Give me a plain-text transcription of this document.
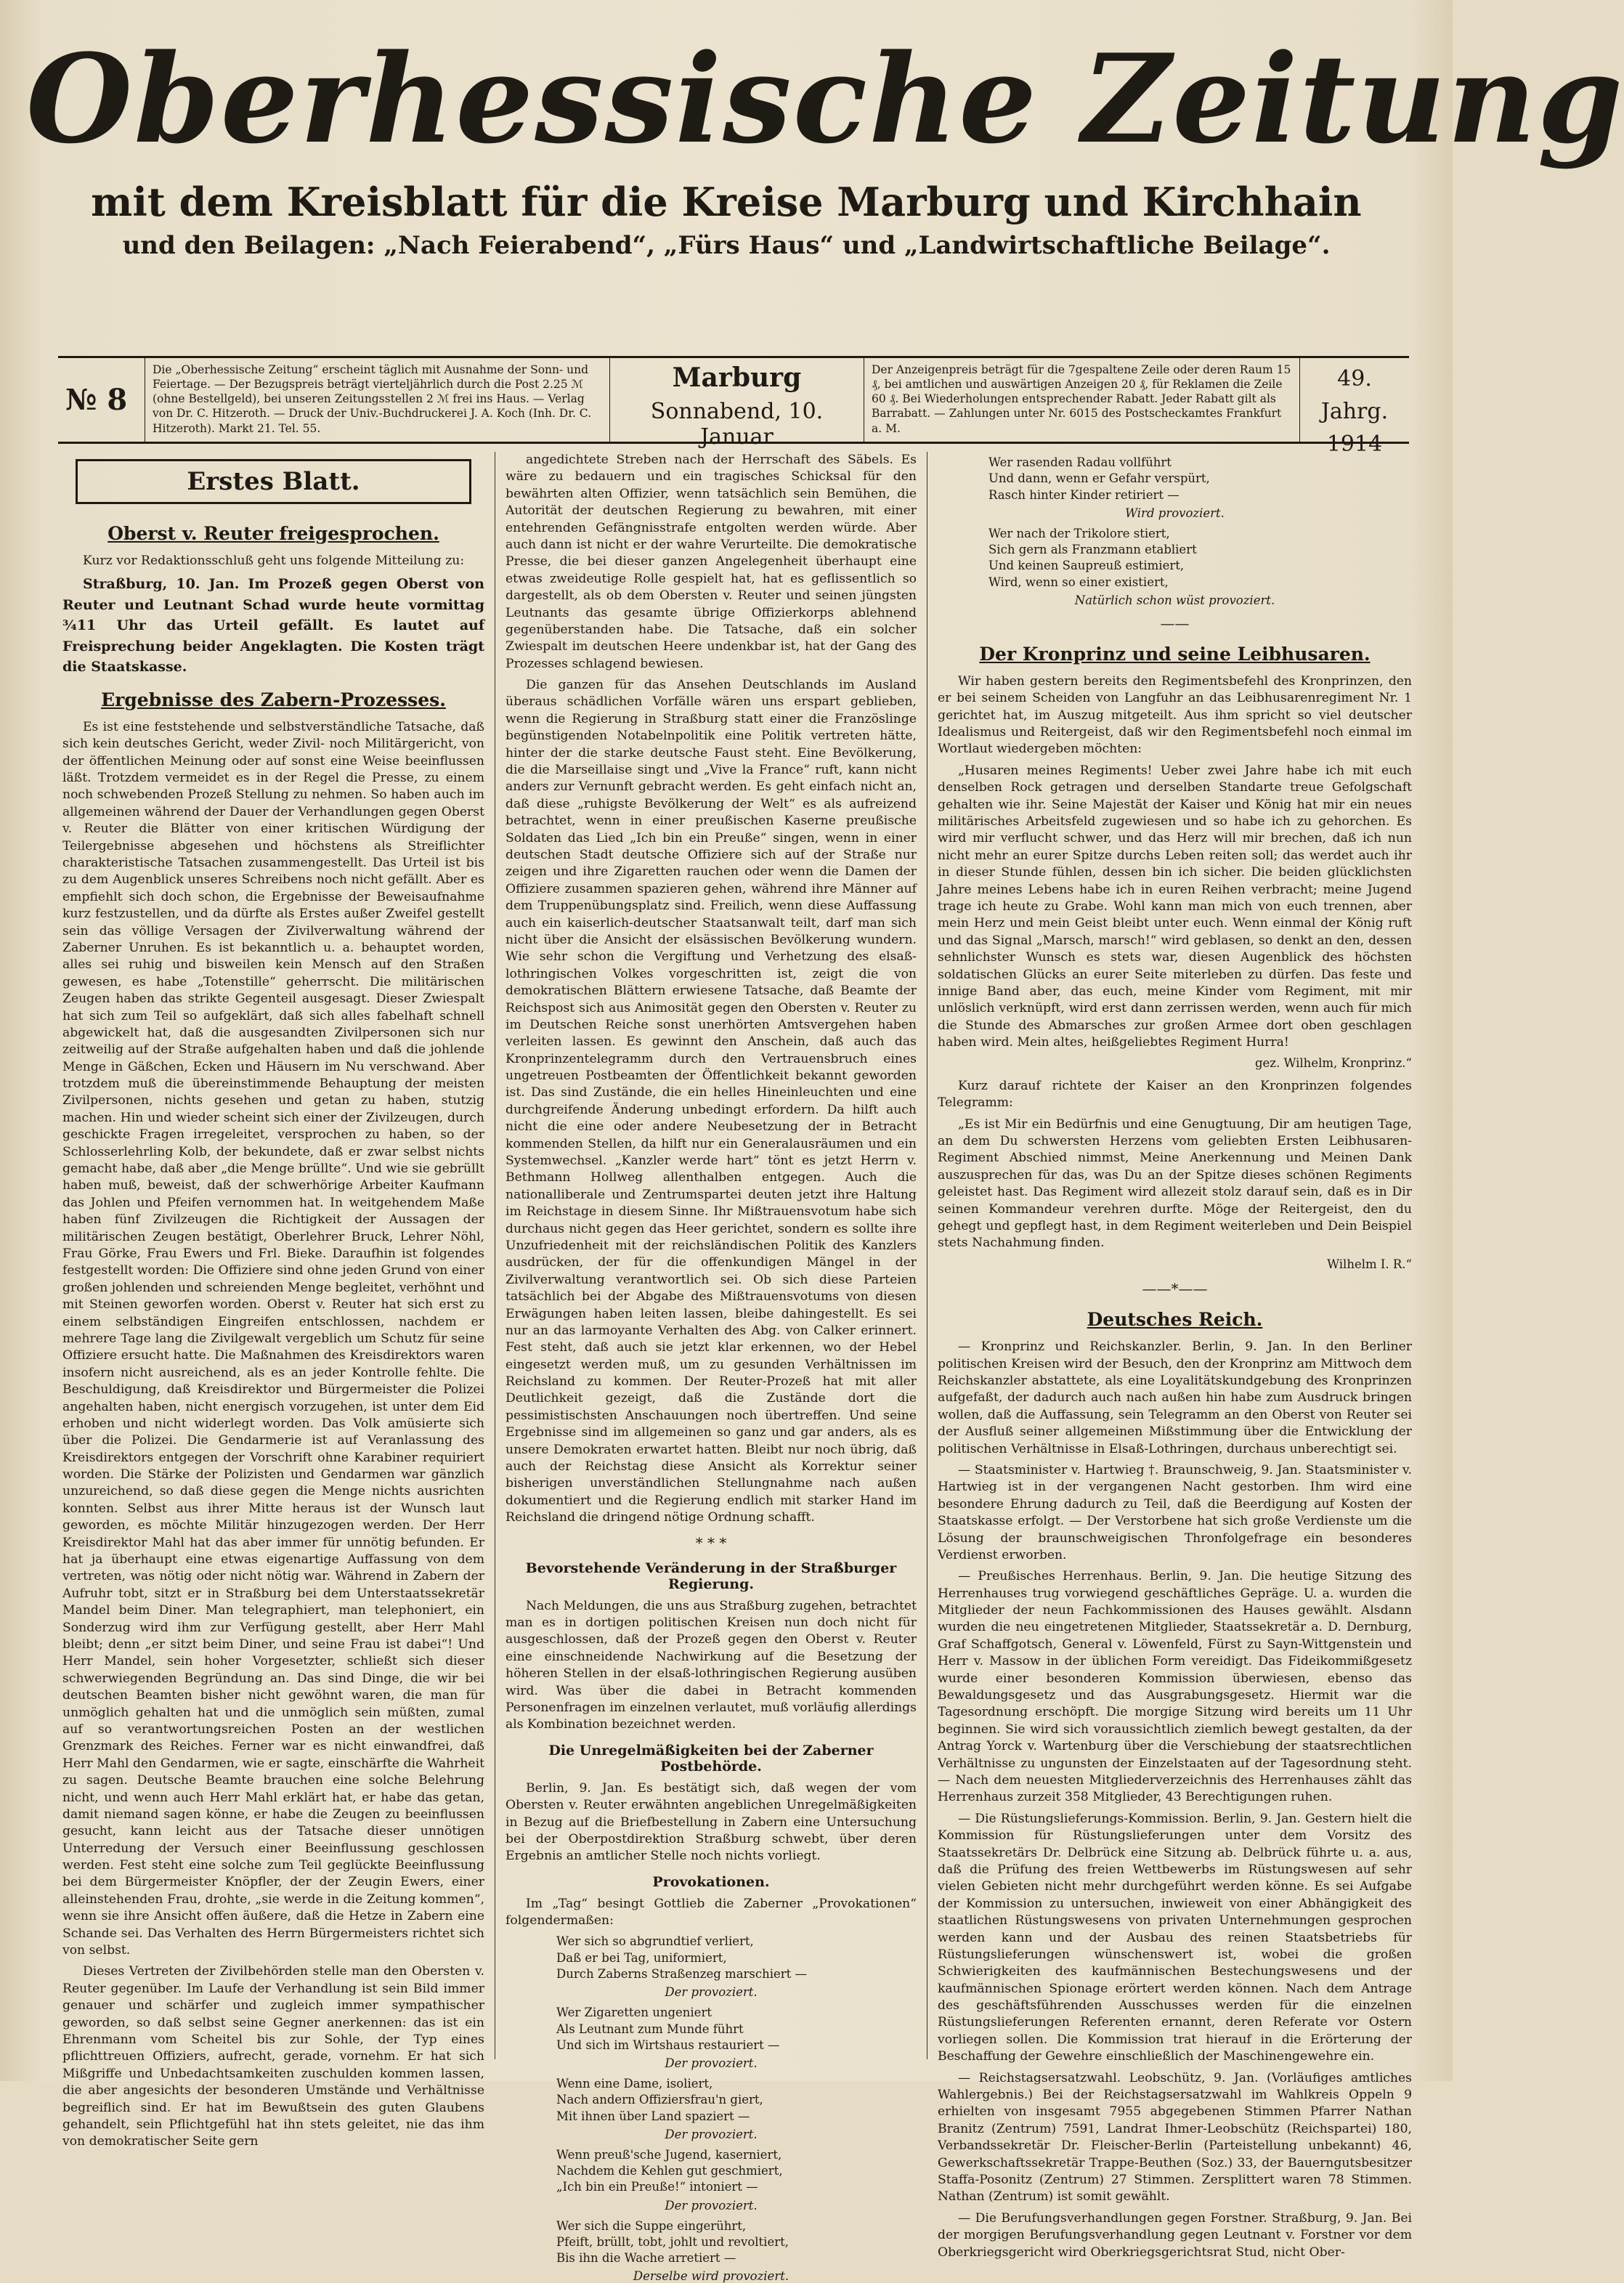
Oberhessische Zeitung
mit dem Kreisblatt für die Kreise Marburg und Kirchhain
und den Beilagen: „Nach Feierabend“, „Fürs Haus“ und „Landwirtschaftliche Beilage“.
№ 8
Die „Oberhessische Zeitung“ erscheint täglich mit Ausnahme der Sonn- und Feiertage. — Der Bezugspreis beträgt vierteljährlich durch die Post 2.25 ℳ (ohne Bestellgeld), bei unseren Zeitungsstellen 2 ℳ frei ins Haus. — Verlag von Dr. C. Hitzeroth. — Druck der Univ.-Buchdruckerei J. A. Koch (Inh. Dr. C. Hitzeroth). Markt 21. Tel. 55.
Marburg
Sonnabend, 10. Januar
Der Anzeigenpreis beträgt für die 7gespaltene Zeile oder deren Raum 15 ₰, bei amtlichen und auswärtigen Anzeigen 20 ₰, für Reklamen die Zeile 60 ₰. Bei Wiederholungen entsprechender Rabatt. Jeder Rabatt gilt als Barrabatt. — Zahlungen unter Nr. 6015 des Postscheckamtes Frankfurt a. M.
49. Jahrg.
1914
Erstes Blatt.
Oberst v. Reuter freigesprochen.

Kurz vor Redaktionsschluß geht uns folgende Mitteilung zu:

Straßburg, 10. Jan. Im Prozeß gegen Oberst von Reuter und Leutnant Schad wurde heute vormittag ¾11 Uhr das Urteil gefällt. Es lautet auf Freisprechung beider Angeklagten. Die Kosten trägt die Staatskasse.

Ergebnisse des Zabern-Prozesses.

Es ist eine feststehende und selbstverständliche Tatsache, daß sich kein deutsches Gericht, weder Zivil- noch Militärgericht, von der öffentlichen Meinung oder auf sonst eine Weise beeinflussen läßt. Trotzdem vermeidet es in der Regel die Presse, zu einem noch schwebenden Prozeß Stellung zu nehmen. So haben auch im allgemeinen während der Dauer der Verhandlungen gegen Oberst v. Reuter die Blätter von einer kritischen Würdigung der Teilergebnisse abgesehen und höchstens als Streiflichter charakteristische Tatsachen zusammengestellt. Das Urteil ist bis zu dem Augenblick unseres Schreibens noch nicht gefällt. Aber es empfiehlt sich doch schon, die Ergebnisse der Beweisaufnahme kurz festzustellen, und da dürfte als Erstes außer Zweifel gestellt sein das völlige Versagen der Zivilverwaltung während der Zaberner Unruhen. Es ist bekanntlich u. a. behauptet worden, alles sei ruhig und bisweilen kein Mensch auf den Straßen gewesen, es habe „Totenstille“ geherrscht. Die militärischen Zeugen haben das strikte Gegenteil ausgesagt. Dieser Zwiespalt hat sich zum Teil so aufgeklärt, daß sich alles fabelhaft schnell abgewickelt hat, daß die ausgesandten Zivilpersonen sich nur zeitweilig auf der Straße aufgehalten haben und daß die johlende Menge in Gäßchen, Ecken und Häusern im Nu verschwand. Aber trotzdem muß die übereinstimmende Behauptung der meisten Zivilpersonen, nichts gesehen und getan zu haben, stutzig machen. Hin und wieder scheint sich einer der Zivilzeugen, durch geschickte Fragen irregeleitet, versprochen zu haben, so der Schlosserlehrling Kolb, der bekundete, daß er zwar selbst nichts gemacht habe, daß aber „die Menge brüllte“. Und wie sie gebrüllt haben muß, beweist, daß der schwerhörige Arbeiter Kaufmann das Johlen und Pfeifen vernommen hat. In weitgehendem Maße haben fünf Zivilzeugen die Richtigkeit der Aussagen der militärischen Zeugen bestätigt, Oberlehrer Bruck, Lehrer Nöhl, Frau Görke, Frau Ewers und Frl. Bieke. Daraufhin ist folgendes festgestellt worden: Die Offiziere sind ohne jeden Grund von einer großen johlenden und schreienden Menge begleitet, verhöhnt und mit Steinen geworfen worden. Oberst v. Reuter hat sich erst zu einem selbständigen Eingreifen entschlossen, nachdem er mehrere Tage lang die Zivilgewalt vergeblich um Schutz für seine Offiziere ersucht hatte. Die Maßnahmen des Kreisdirektors waren insofern nicht ausreichend, als es an jeder Kontrolle fehlte. Die Beschuldigung, daß Kreisdirektor und Bürgermeister die Polizei angehalten haben, nicht energisch vorzugehen, ist unter dem Eid erhoben und nicht widerlegt worden. Das Volk amüsierte sich über die Polizei. Die Gendarmerie ist auf Veranlassung des Kreisdirektors entgegen der Vorschrift ohne Karabiner requiriert worden. Die Stärke der Polizisten und Gendarmen war gänzlich unzureichend, so daß diese gegen die Menge nichts ausrichten konnten. Selbst aus ihrer Mitte heraus ist der Wunsch laut geworden, es möchte Militär hinzugezogen werden. Der Herr Kreisdirektor Mahl hat das aber immer für unnötig befunden. Er hat ja überhaupt eine etwas eigenartige Auffassung von dem vertreten, was nötig oder nicht nötig war. Während in Zabern der Aufruhr tobt, sitzt er in Straßburg bei dem Unterstaatssekretär Mandel beim Diner. Man telegraphiert, man telephoniert, ein Sonderzug wird ihm zur Verfügung gestellt, aber Herr Mahl bleibt; denn „er sitzt beim Diner, und seine Frau ist dabei“! Und Herr Mandel, sein hoher Vorgesetzter, schließt sich dieser schwerwiegenden Begründung an. Das sind Dinge, die wir bei deutschen Beamten bisher nicht gewöhnt waren, die man für unmöglich gehalten hat und die unmöglich sein müßten, zumal auf so verantwortungsreichen Posten an der westlichen Grenzmark des Reiches. Ferner war es nicht einwandfrei, daß Herr Mahl den Gendarmen, wie er sagte, einschärfte die Wahrheit zu sagen. Deutsche Beamte brauchen eine solche Belehrung nicht, und wenn auch Herr Mahl erklärt hat, er habe das getan, damit niemand sagen könne, er habe die Zeugen zu beeinflussen gesucht, kann leicht aus der Tatsache dieser unnötigen Unterredung der Versuch einer Beeinflussung geschlossen werden. Fest steht eine solche zum Teil geglückte Beeinflussung bei dem Bürgermeister Knöpfler, der der Zeugin Ewers, einer alleinstehenden Frau, drohte, „sie werde in die Zeitung kommen“, wenn sie ihre Ansicht offen äußere, daß die Hetze in Zabern eine Schande sei. Das Verhalten des Herrn Bürgermeisters richtet sich von selbst.

Dieses Vertreten der Zivilbehörden stelle man den Obersten v. Reuter gegenüber. Im Laufe der Verhandlung ist sein Bild immer genauer und schärfer und zugleich immer sympathischer geworden, so daß selbst seine Gegner anerkennen: das ist ein Ehrenmann vom Scheitel bis zur Sohle, der Typ eines pflichttreuen Offiziers, aufrecht, gerade, vornehm. Er hat sich Mißgriffe und Unbedachtsamkeiten zuschulden kommen lassen, die aber angesichts der besonderen Umstände und Verhältnisse begreiflich sind. Er hat im Bewußtsein des guten Glaubens gehandelt, sein Pflichtgefühl hat ihn stets geleitet, nie das ihm von demokratischer Seite gern

angedichtete Streben nach der Herrschaft des Säbels. Es wäre zu bedauern und ein tragisches Schicksal für den bewährten alten Offizier, wenn tatsächlich sein Bemühen, die Autorität der deutschen Regierung zu bewahren, mit einer entehrenden Gefängnisstrafe entgolten werden würde. Aber auch dann ist nicht er der wahre Verurteilte. Die demokratische Presse, die bei dieser ganzen Angelegenheit überhaupt eine etwas zweideutige Rolle gespielt hat, hat es geflissentlich so dargestellt, als ob dem Obersten v. Reuter und seinen jüngsten Leutnants das gesamte übrige Offizierkorps ablehnend gegenüberstanden habe. Die Tatsache, daß ein solcher Zwiespalt im deutschen Heere undenkbar ist, hat der Gang des Prozesses schlagend bewiesen.

Die ganzen für das Ansehen Deutschlands im Ausland überaus schädlichen Vorfälle wären uns erspart geblieben, wenn die Regierung in Straßburg statt einer die Französlinge begünstigenden Notabelnpolitik eine Politik vertreten hätte, hinter der die starke deutsche Faust steht. Eine Bevölkerung, die die Marseillaise singt und „Vive la France“ ruft, kann nicht anders zur Vernunft gebracht werden. Es geht einfach nicht an, daß diese „ruhigste Bevölkerung der Welt“ es als aufreizend betrachtet, wenn in einer preußischen Kaserne preußische Soldaten das Lied „Ich bin ein Preuße“ singen, wenn in einer deutschen Stadt deutsche Offiziere sich auf der Straße nur zeigen und ihre Zigaretten rauchen oder wenn die Damen der Offiziere zusammen spazieren gehen, während ihre Männer auf dem Truppenübungsplatz sind. Freilich, wenn diese Auffassung auch ein kaiserlich-deutscher Staatsanwalt teilt, darf man sich nicht über die Ansicht der elsässischen Bevölkerung wundern. Wie sehr schon die Vergiftung und Verhetzung des elsaß-lothringischen Volkes vorgeschritten ist, zeigt die von demokratischen Blättern erwiesene Tatsache, daß Beamte der Reichspost sich aus Animosität gegen den Obersten v. Reuter zu im Deutschen Reiche sonst unerhörten Amtsvergehen haben verleiten lassen. Es gewinnt den Anschein, daß auch das Kronprinzentelegramm durch den Vertrauensbruch eines ungetreuen Postbeamten der Öffentlichkeit bekannt geworden ist. Das sind Zustände, die ein helles Hineinleuchten und eine durchgreifende Änderung unbedingt erfordern. Da hilft auch nicht die eine oder andere Neubesetzung der in Betracht kommenden Stellen, da hilft nur ein Generalausräumen und ein Systemwechsel. „Kanzler werde hart“ tönt es jetzt Herrn v. Bethmann Hollweg allenthalben entgegen. Auch die nationalliberale und Zentrumspartei deuten jetzt ihre Haltung im Reichstage in diesem Sinne. Ihr Mißtrauensvotum habe sich durchaus nicht gegen das Heer gerichtet, sondern es sollte ihre Unzufriedenheit mit der reichsländischen Politik des Kanzlers ausdrücken, der für die offenkundigen Mängel in der Zivilverwaltung verantwortlich sei. Ob sich diese Parteien tatsächlich bei der Abgabe des Mißtrauensvotums von diesen Erwägungen haben leiten lassen, bleibe dahingestellt. Es sei nur an das larmoyante Verhalten des Abg. von Calker erinnert. Fest steht, daß auch sie jetzt klar erkennen, wo der Hebel eingesetzt werden muß, um zu gesunden Verhältnissen im Reichsland zu kommen. Der Reuter-Prozeß hat mit aller Deutlichkeit gezeigt, daß die Zustände dort die pessimistischsten Anschauungen noch übertreffen. Und seine Ergebnisse sind im allgemeinen so ganz und gar anders, als es unsere Demokraten erwartet hatten. Bleibt nur noch übrig, daß auch der Reichstag diese Ansicht als Korrektur seiner bisherigen unverständlichen Stellungnahme nach außen dokumentiert und die Regierung endlich mit starker Hand im Reichsland die dringend nötige Ordnung schafft.

* * *
Bevorstehende Veränderung in der Straßburger Regierung.

Nach Meldungen, die uns aus Straßburg zugehen, betrachtet man es in dortigen politischen Kreisen nun doch nicht für ausgeschlossen, daß der Prozeß gegen den Oberst v. Reuter eine einschneidende Nachwirkung auf die Besetzung der höheren Stellen in der elsaß-lothringischen Regierung ausüben wird. Was über die dabei in Betracht kommenden Personenfragen im einzelnen verlautet, muß vorläufig allerdings als Kombination bezeichnet werden.

Die Unregelmäßigkeiten bei der Zaberner Postbehörde.

Berlin, 9. Jan. Es bestätigt sich, daß wegen der vom Obersten v. Reuter erwähnten angeblichen Unregelmäßigkeiten in Bezug auf die Briefbestellung in Zabern eine Untersuchung bei der Oberpostdirektion Straßburg schwebt, über deren Ergebnis an amtlicher Stelle noch nichts vorliegt.

Provokationen.

Im „Tag“ besingt Gottlieb die Zaberner „Provokationen“ folgendermaßen:

Wer sich so abgrundtief verliert,
Daß er bei Tag, uniformiert,
Durch Zaberns Straßenzeg marschiert —
Der provoziert.
Wer Zigaretten ungeniert
Als Leutnant zum Munde führt
Und sich im Wirtshaus restauriert —
Der provoziert.
Wenn eine Dame, isoliert,
Nach andern Offiziersfrau'n giert,
Mit ihnen über Land spaziert —
Der provoziert.
Wenn preuß'sche Jugend, kaserniert,
Nachdem die Kehlen gut geschmiert,
„Ich bin ein Preuße!“ intoniert —
Der provoziert.
Wer sich die Suppe eingerührt,
Pfeift, brüllt, tobt, johlt und revoltiert,
Bis ihn die Wache arretiert —
Derselbe wird provoziert.
Wer rasenden Radau vollführt
Und dann, wenn er Gefahr verspürt,
Rasch hinter Kinder retiriert —
Wird provoziert.
Wer nach der Trikolore stiert,
Sich gern als Franzmann etabliert
Und keinen Saupreuß estimiert,
Wird, wenn so einer existiert,
Natürlich schon wüst provoziert.
——
Der Kronprinz und seine Leibhusaren.

Wir haben gestern bereits den Regimentsbefehl des Kronprinzen, den er bei seinem Scheiden von Langfuhr an das Leibhusarenregiment Nr. 1 gerichtet hat, im Auszug mitgeteilt. Aus ihm spricht so viel deutscher Idealismus und Reitergeist, daß wir den Regimentsbefehl noch einmal im Wortlaut wiedergeben möchten:

„Husaren meines Regiments! Ueber zwei Jahre habe ich mit euch denselben Rock getragen und derselben Standarte treue Gefolgschaft gehalten wie ihr. Seine Majestät der Kaiser und König hat mir ein neues militärisches Arbeitsfeld zugewiesen und so habe ich zu gehorchen. Es wird mir verflucht schwer, und das Herz will mir brechen, daß ich nun nicht mehr an eurer Spitze durchs Leben reiten soll; das werdet auch ihr in dieser Stunde fühlen, dessen bin ich sicher. Die beiden glücklichsten Jahre meines Lebens habe ich in euren Reihen verbracht; meine Jugend trage ich heute zu Grabe. Wohl kann man mich von euch trennen, aber mein Herz und mein Geist bleibt unter euch. Wenn einmal der König ruft und das Signal „Marsch, marsch!“ wird geblasen, so denkt an den, dessen sehnlichster Wunsch es stets war, diesen Augenblick des höchsten soldatischen Glücks an eurer Seite miterleben zu dürfen. Das feste und innige Band aber, das euch, meine Kinder vom Regiment, mit mir unlöslich verknüpft, wird erst dann zerrissen werden, wenn auch für mich die Stunde des Abmarsches zur großen Armee dort oben geschlagen haben wird. Mein altes, heißgeliebtes Regiment Hurra!

gez. Wilhelm, Kronprinz.“

Kurz darauf richtete der Kaiser an den Kronprinzen folgendes Telegramm:

„Es ist Mir ein Bedürfnis und eine Genugtuung, Dir am heutigen Tage, an dem Du schwersten Herzens vom geliebten Ersten Leibhusaren-Regiment Abschied nimmst, Meine Anerkennung und Meinen Dank auszusprechen für das, was Du an der Spitze dieses schönen Regiments geleistet hast. Das Regiment wird allezeit stolz darauf sein, daß es in Dir seinen Kommandeur verehren durfte. Möge der Reitergeist, den du gehegt und gepflegt hast, in dem Regiment weiterleben und Dein Beispiel stets Nachahmung finden.

Wilhelm I. R.“

——*——
Deutsches Reich.

— Kronprinz und Reichskanzler. Berlin, 9. Jan. In den Berliner politischen Kreisen wird der Besuch, den der Kronprinz am Mittwoch dem Reichskanzler abstattete, als eine Loyalitätskundgebung des Kronprinzen aufgefaßt, der dadurch auch nach außen hin habe zum Ausdruck bringen wollen, daß die Auffassung, sein Telegramm an den Oberst von Reuter sei der Ausfluß seiner allgemeinen Mißstimmung über die Entwicklung der politischen Verhältnisse in Elsaß-Lothringen, durchaus unberechtigt sei.

— Staatsminister v. Hartwieg †. Braunschweig, 9. Jan. Staatsminister v. Hartwieg ist in der vergangenen Nacht gestorben. Ihm wird eine besondere Ehrung dadurch zu Teil, daß die Beerdigung auf Kosten der Staatskasse erfolgt. — Der Verstorbene hat sich große Verdienste um die Lösung der braunschweigischen Thronfolgefrage ein besonderes Verdienst erworben.

— Preußisches Herrenhaus. Berlin, 9. Jan. Die heutige Sitzung des Herrenhauses trug vorwiegend geschäftliches Gepräge. U. a. wurden die Mitglieder der neun Fachkommissionen des Hauses gewählt. Alsdann wurden die neu eingetretenen Mitglieder, Staatssekretär a. D. Dernburg, Graf Schaffgotsch, General v. Löwenfeld, Fürst zu Sayn-Wittgenstein und Herr v. Massow in der üblichen Form vereidigt. Das Fideikommißgesetz wurde einer besonderen Kommission überwiesen, ebenso das Bewaldungsgesetz und das Ausgrabungsgesetz. Hiermit war die Tagesordnung erschöpft. Die morgige Sitzung wird bereits um 11 Uhr beginnen. Sie wird sich voraussichtlich ziemlich bewegt gestalten, da der Antrag Yorck v. Wartenburg über die Verschiebung der staatsrechtlichen Verhältnisse zu ungunsten der Einzelstaaten auf der Tagesordnung steht. — Nach dem neuesten Mitgliederverzeichnis des Herrenhauses zählt das Herrenhaus zurzeit 358 Mitglieder, 43 Berechtigungen ruhen.

— Die Rüstungslieferungs-Kommission. Berlin, 9. Jan. Gestern hielt die Kommission für Rüstungslieferungen unter dem Vorsitz des Staatssekretärs Dr. Delbrück eine Sitzung ab. Delbrück führte u. a. aus, daß die Prüfung des freien Wettbewerbs im Rüstungswesen auf sehr vielen Gebieten nicht mehr durchgeführt werden könne. Es sei Aufgabe der Kommission zu untersuchen, inwieweit von einer Abhängigkeit des staatlichen Rüstungswesens von privaten Unternehmungen gesprochen werden kann und der Ausbau des reinen Staatsbetriebs für Rüstungslieferungen wünschenswert ist, wobei die großen Schwierigkeiten des kaufmännischen Bestechungswesens und der kaufmännischen Spionage erörtert werden können. Nach dem Antrage des geschäftsführenden Ausschusses werden für die einzelnen Rüstungslieferungen Referenten ernannt, deren Referate vor Ostern vorliegen sollen. Die Kommission trat hierauf in die Erörterung der Beschaffung der Gewehre einschließlich der Maschinengewehre ein.

— Reichstagsersatzwahl. Leobschütz, 9. Jan. (Vorläufiges amtliches Wahlergebnis.) Bei der Reichstagsersatzwahl im Wahlkreis Oppeln 9 erhielten von insgesamt 7955 abgegebenen Stimmen Pfarrer Nathan Branitz (Zentrum) 7591, Landrat Ihmer-Leobschütz (Reichspartei) 180, Verbandssekretär Dr. Fleischer-Berlin (Parteistellung unbekannt) 46, Gewerkschaftssekretär Trappe-Beuthen (Soz.) 33, der Bauerngutsbesitzer Staffa-Posonitz (Zentrum) 27 Stimmen. Zersplittert waren 78 Stimmen. Nathan (Zentrum) ist somit gewählt.

— Die Berufungsverhandlungen gegen Forstner. Straßburg, 9. Jan. Bei der morgigen Berufungsverhandlung gegen Leutnant v. Forstner vor dem Oberkriegsgericht wird Oberkriegsgerichtsrat Stud, nicht Ober-
